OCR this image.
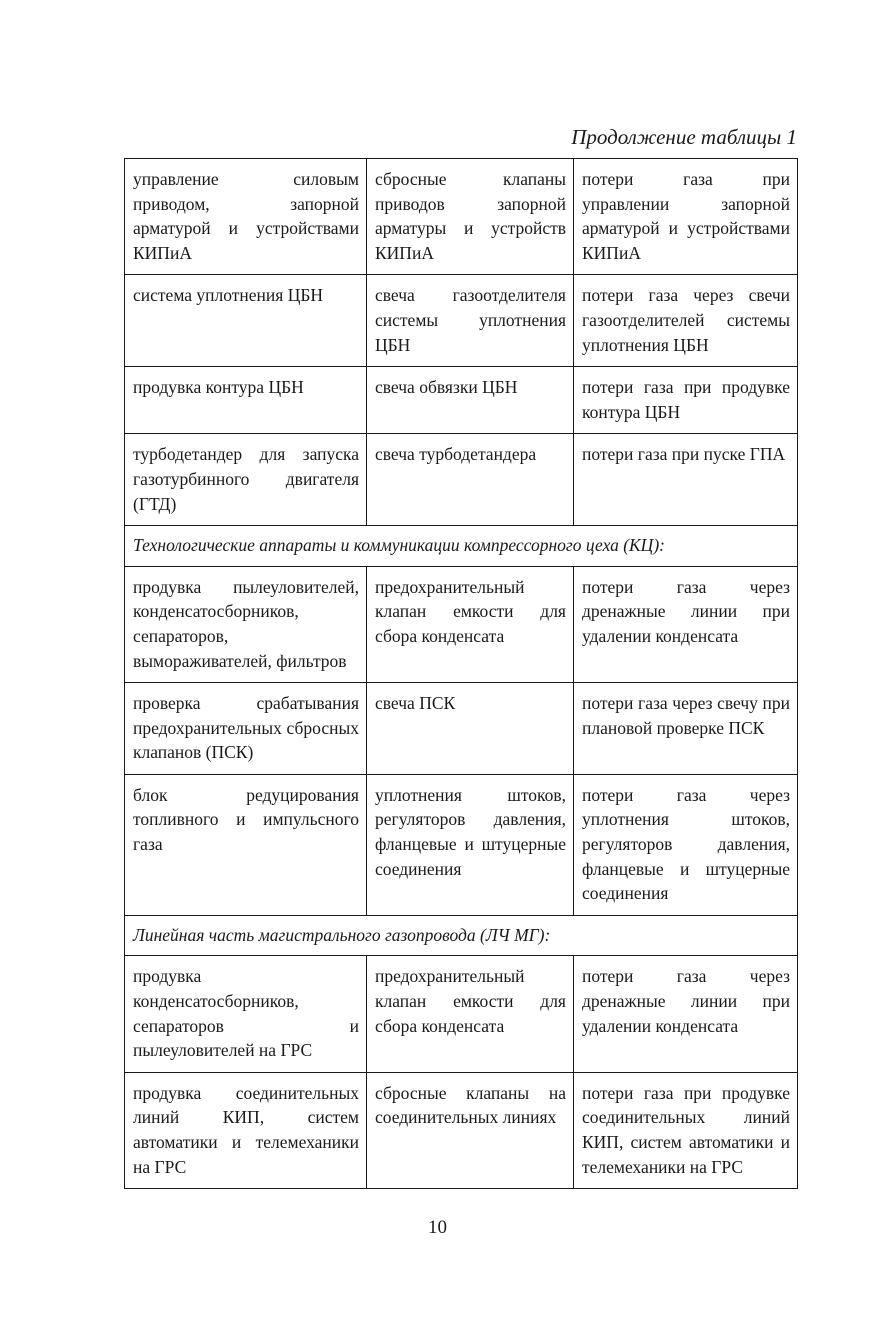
Продолжение таблицы 1
управление силовым приводом, запорной арматурой и устройствами КИПиА	сбросные клапаны приводов запорной арматуры и устройств КИПиА	потери газа при управлении запорной арматурой и устройствами КИПиА
система уплотнения ЦБН	свеча газоотделителя системы уплотнения ЦБН	потери газа через свечи газоотделителей системы уплотнения ЦБН
продувка контура ЦБН	свеча обвязки ЦБН	потери газа при продувке контура ЦБН
турбодетандер для запуска газотурбинного двигателя (ГТД)	свеча турбодетандера	потери газа при пуске ГПА
Технологические аппараты и коммуникации компрессорного цеха (КЦ):		
продувка пылеуловителей, конденсатосборников, сепараторов, вымораживателей, фильтров	предохранительный клапан емкости для сбора конденсата	потери газа через дренажные линии при удалении конденсата
проверка срабатывания предохранительных сбросных клапанов (ПСК)	свеча ПСК	потери газа через свечу при плановой проверке ПСК
блок редуцирования топливного и импульсного газа	уплотнения штоков, регуляторов давления, фланцевые и штуцерные соединения	потери газа через уплотнения штоков, регуляторов давления, фланцевые и штуцерные соединения
Линейная часть магистрального газопровода (ЛЧ МГ):		
продувка конденсатосборников, сепараторов и пылеуловителей на ГРС	предохранительный клапан емкости для сбора конденсата	потери газа через дренажные линии при удалении конденсата
продувка соединительных линий КИП, систем автоматики и телемеханики на ГРС	сбросные клапаны на соединительных линиях	потери газа при продувке соединительных линий КИП, систем автоматики и телемеханики на ГРС
10
